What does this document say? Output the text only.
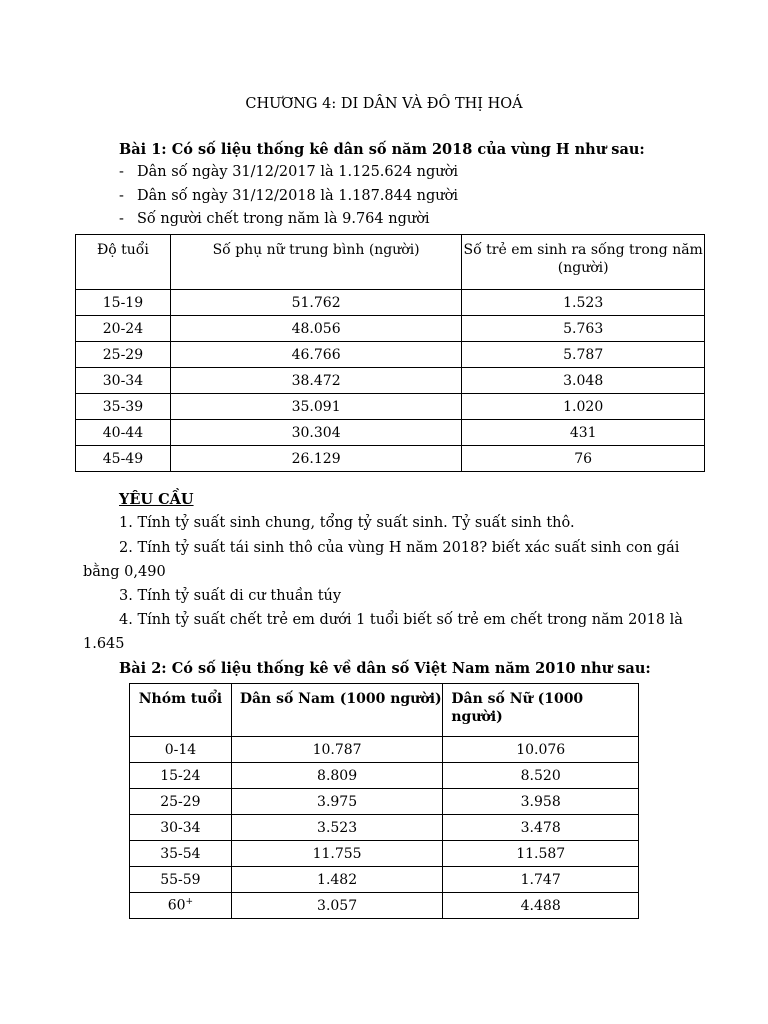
CHƯƠNG 4: DI DÂN VÀ ĐÔ THỊ HOÁ
Bài 1: Có số liệu thống kê dân số năm 2018 của vùng H như sau:
- Dân số ngày 31/12/2017 là 1.125.624 người
- Dân số ngày 31/12/2018 là 1.187.844 người
- Số người chết trong năm là 9.764 người
Độ tuổi	Số phụ nữ trung bình (người)	Số trẻ em sinh ra sống trong năm (người)
15-19	51.762	1.523
20-24	48.056	5.763
25-29	46.766	5.787
30-34	38.472	3.048
35-39	35.091	1.020
40-44	30.304	431
45-49	26.129	76
YÊU CẦU
1. Tính tỷ suất sinh chung, tổng tỷ suất sinh. Tỷ suất sinh thô.
2. Tính tỷ suất tái sinh thô của vùng H năm 2018? biết xác suất sinh con gái
bằng 0,490
3. Tính tỷ suất di cư thuần túy
4. Tính tỷ suất chết trẻ em dưới 1 tuổi biết số trẻ em chết trong năm 2018 là
1.645
Bài 2: Có số liệu thống kê về dân số Việt Nam năm 2010 như sau:
Nhóm tuổi	Dân số Nam (1000 người)	Dân số Nữ (1000 người)
0-14	10.787	10.076
15-24	8.809	8.520
25-29	3.975	3.958
30-34	3.523	3.478
35-54	11.755	11.587
55-59	1.482	1.747
60+	3.057	4.488
